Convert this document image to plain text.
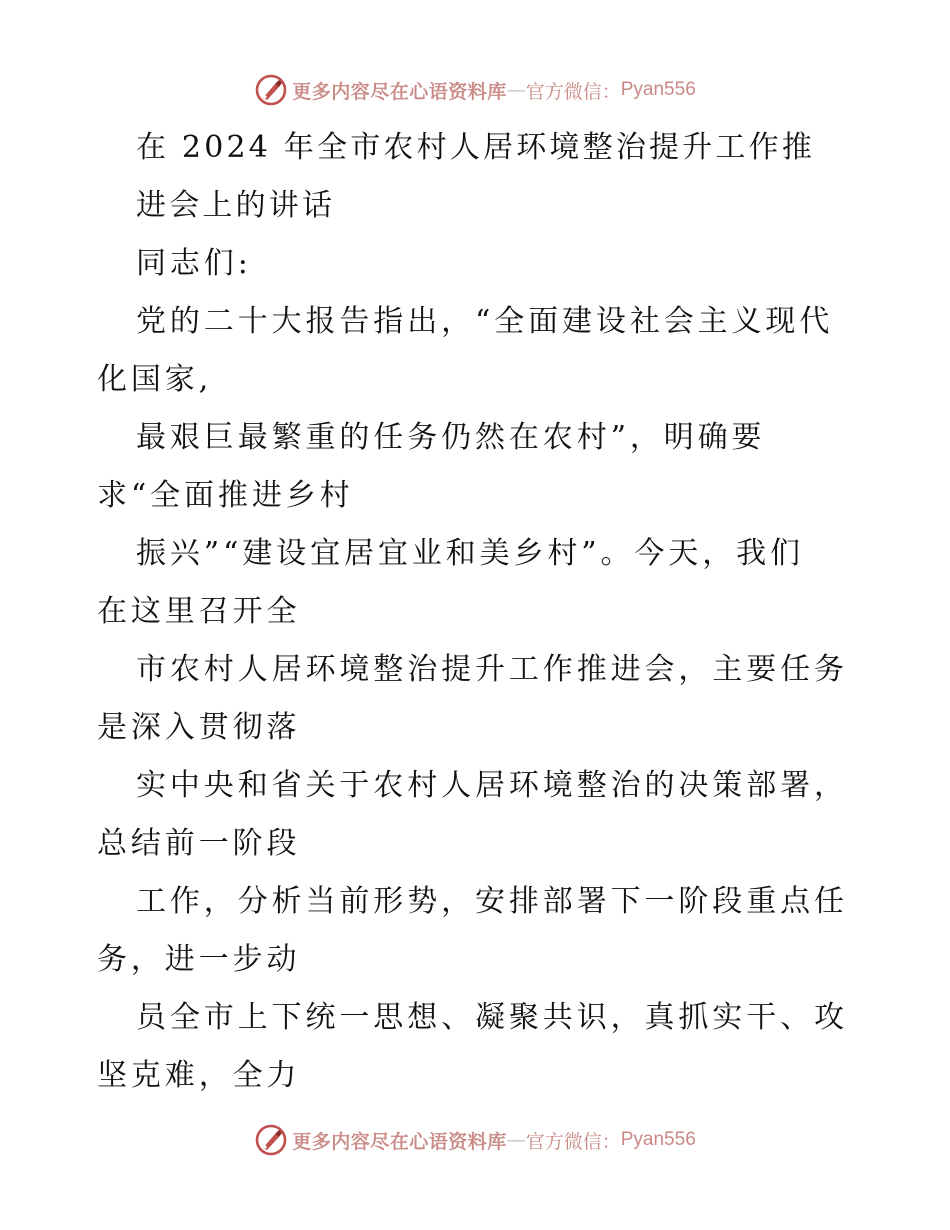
更多内容尽在心语资料库 — 官方微信： Pyan556
在 2024 年全市农村人居环境整治提升工作推
进会上的讲话
同志们:
党的二十大报告指出，“全面建设社会主义现代
化国家,
最艰巨最繁重的任务仍然在农村”，明确要
求“全面推进乡村
振兴”“建设宜居宜业和美乡村”。今天，我们
在这里召开全
市农村人居环境整治提升工作推进会，主要任务
是深入贯彻落
实中央和省关于农村人居环境整治的决策部署，
总结前一阶段
工作，分析当前形势，安排部署下一阶段重点任
务，进一步动
员全市上下统一思想、凝聚共识，真抓实干、攻
坚克难，全力
更多内容尽在心语资料库 — 官方微信： Pyan556
